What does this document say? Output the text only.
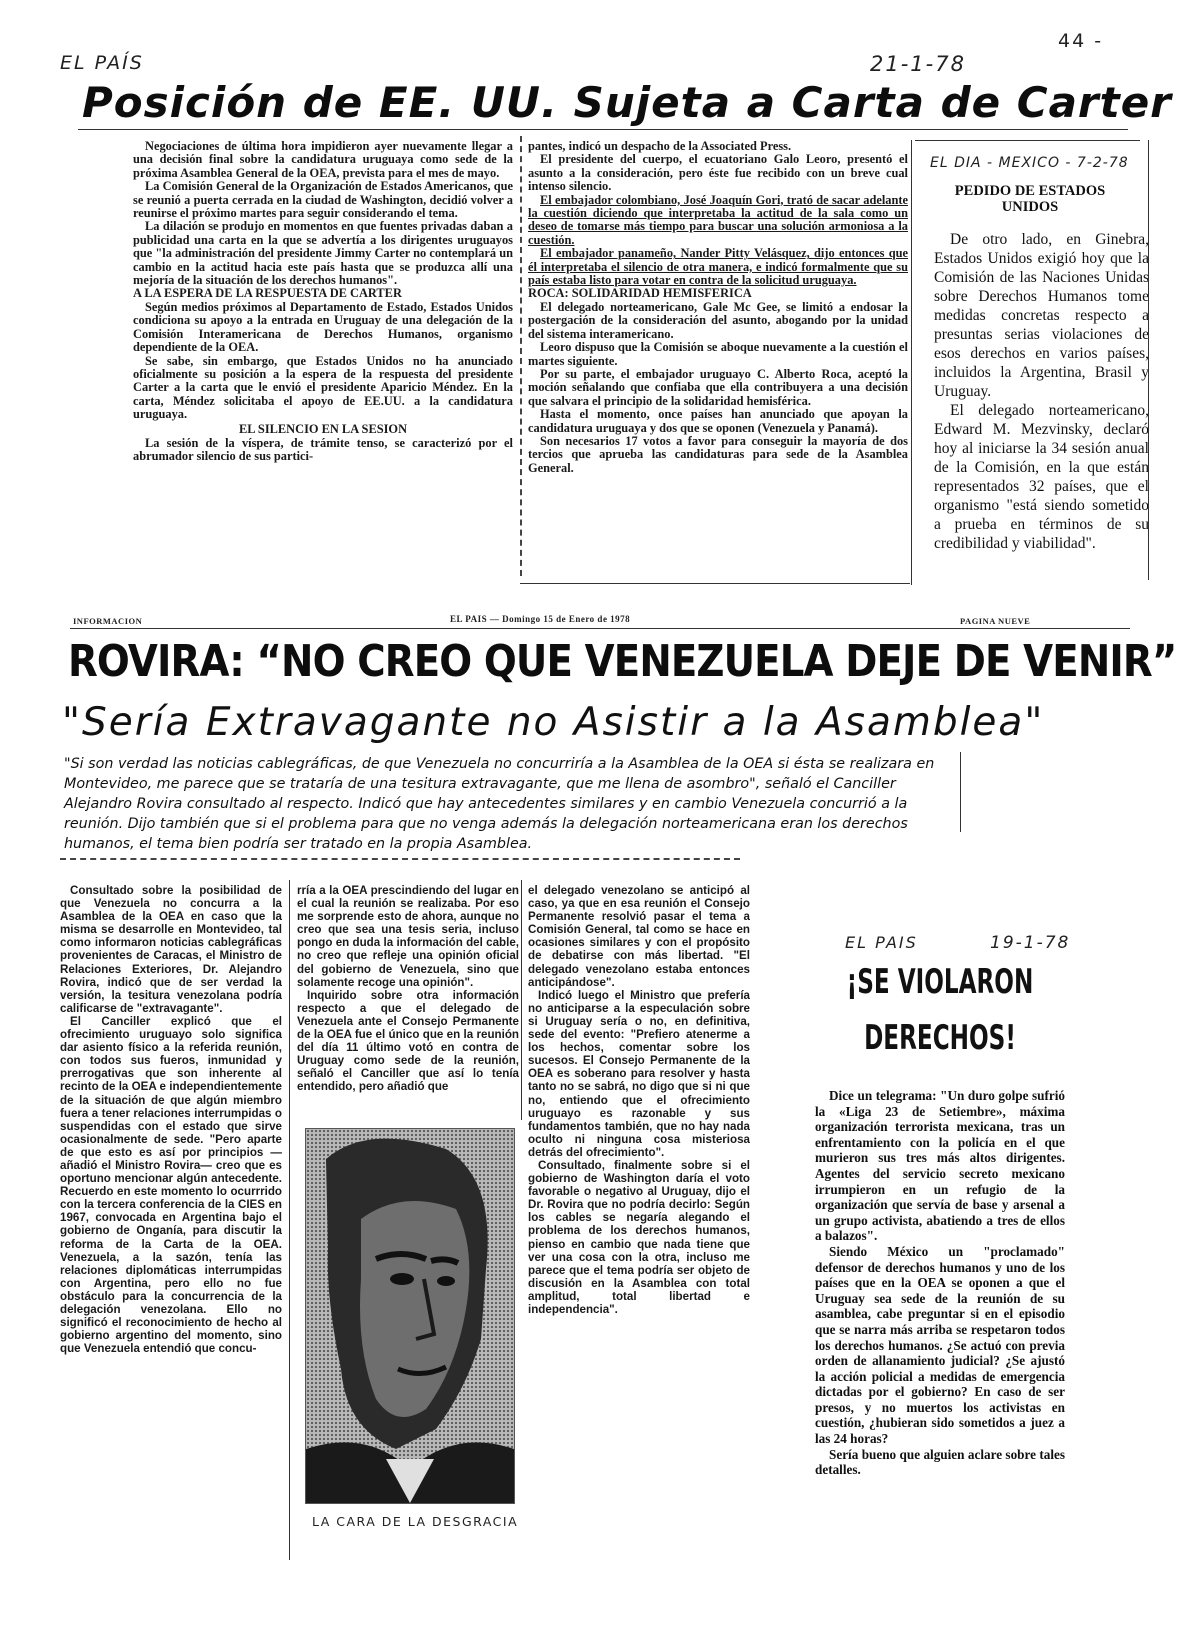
44 -
EL PAÍS	21-1-78
Posición de EE. UU. Sujeta a Carta de Carter

Negociaciones de última hora impidieron ayer nuevamente llegar a una decisión final sobre la candidatura uruguaya como sede de la próxima Asamblea General de la OEA, prevista para el mes de mayo.

La Comisión General de la Organización de Estados Americanos, que se reunió a puerta cerrada en la ciudad de Washington, decidió volver a reunirse el próximo martes para seguir considerando el tema.

La dilación se produjo en momentos en que fuentes privadas daban a publicidad una carta en la que se advertía a los dirigentes uruguayos que "la administración del presidente Jimmy Carter no contemplará un cambio en la actitud hacia este país hasta que se produzca allí una mejoría de la situación de los derechos humanos".

A LA ESPERA DE LA RESPUESTA DE CARTER

Según medios próximos al Departamento de Estado, Estados Unidos condiciona su apoyo a la entrada en Uruguay de una delegación de la Comisión Interamericana de Derechos Humanos, organismo dependiente de la OEA.

Se sabe, sin embargo, que Estados Unidos no ha anunciado oficialmente su posición a la espera de la respuesta del presidente Carter a la carta que le envió el presidente Aparicio Méndez. En la carta, Méndez solicitaba el apoyo de EE.UU. a la candidatura uruguaya.

EL SILENCIO EN LA SESION

La sesión de la víspera, de trámite tenso, se caracterizó por el abrumador silencio de sus partici-

pantes, indicó un despacho de la Associated Press.

El presidente del cuerpo, el ecuatoriano Galo Leoro, presentó el asunto a la consideración, pero éste fue recibido con un breve cual intenso silencio.

El embajador colombiano, José Joaquín Gori, trató de sacar adelante la cuestión diciendo que interpretaba la actitud de la sala como un deseo de tomarse más tiempo para buscar una solución armoniosa a la cuestión.

El embajador panameño, Nander Pitty Velásquez, dijo entonces que él interpretaba el silencio de otra manera, e indicó formalmente que su país estaba listo para votar en contra de la solicitud uruguaya.

ROCA: SOLIDARIDAD HEMISFERICA

El delegado norteamericano, Gale Mc Gee, se limitó a endosar la postergación de la consideración del asunto, abogando por la unidad del sistema interamericano.

Leoro dispuso que la Comisión se aboque nuevamente a la cuestión el martes siguiente.

Por su parte, el embajador uruguayo C. Alberto Roca, aceptó la moción señalando que confiaba que ella contribuyera a una decisión que salvara el principio de la solidaridad hemisférica.

Hasta el momento, once países han anunciado que apoyan la candidatura uruguaya y dos que se oponen (Venezuela y Panamá).

Son necesarios 17 votos a favor para conseguir la mayoría de dos tercios que aprueba las candidaturas para sede de la Asamblea General.

EL DIA - MEXICO - 7-2-78
PEDIDO DE ESTADOS UNIDOS

De otro lado, en Ginebra, Estados Unidos exigió hoy que la Comisión de las Naciones Unidas sobre Derechos Humanos tome medidas concretas respecto a presuntas serias violaciones de esos derechos en varios países, incluidos la Argentina, Brasil y Uruguay.

El delegado norteamericano, Edward M. Mezvinsky, declaró hoy al iniciarse la 34 sesión anual de la Comisión, en la que están representados 32 países, que el organismo "está siendo sometido a prueba en términos de su credibilidad y viabilidad".

INFORMACION	EL PAIS — Domingo 15 de Enero de 1978	PAGINA NUEVE
ROVIRA: “NO CREO QUE VENEZUELA DEJE DE VENIR”
"Sería Extravagante no Asistir a la Asamblea"
"Si son verdad las noticias cablegráficas, de que Venezuela no concurriría a la Asamblea de la OEA si ésta se realizara en Montevideo, me parece que se trataría de una tesitura extravagante, que me llena de asombro", señaló el Canciller Alejandro Rovira consultado al respecto. Indicó que hay antecedentes similares y en cambio Venezuela concurrió a la reunión. Dijo también que si el problema para que no venga además la delegación norteamericana eran los derechos humanos, el tema bien podría ser tratado en la propia Asamblea.

Consultado sobre la posibilidad de que Venezuela no concurra a la Asamblea de la OEA en caso que la misma se desarrolle en Montevideo, tal como informaron noticias cablegráficas provenientes de Caracas, el Ministro de Relaciones Exteriores, Dr. Alejandro Rovira, indicó que de ser verdad la versión, la tesitura venezolana podría calificarse de "extravagante".

El Canciller explicó que el ofrecimiento uruguayo solo significa dar asiento físico a la referida reunión, con todos sus fueros, inmunidad y prerrogativas que son inherente al recinto de la OEA e independientemente de la situación de que algún miembro fuera a tener relaciones interrumpidas o suspendidas con el estado que sirve ocasionalmente de sede. "Pero aparte de que esto es así por principios —añadió el Ministro Rovira— creo que es oportuno mencionar algún antecedente. Recuerdo en este momento lo ocurrrido con la tercera conferencia de la CIES en 1967, convocada en Argentina bajo el gobierno de Onganía, para discutir la reforma de la Carta de la OEA. Venezuela, a la sazón, tenía las relaciones diplomáticas interrumpidas con Argentina, pero ello no fue obstáculo para la concurrencia de la delegación venezolana. Ello no significó el reconocimiento de hecho al gobierno argentino del momento, sino que Venezuela entendió que concu-

rría a la OEA prescindiendo del lugar en el cual la reunión se realizaba. Por eso me sorprende esto de ahora, aunque no creo que sea una tesis seria, incluso pongo en duda la información del cable, no creo que refleje una opinión oficial del gobierno de Venezuela, sino que solamente recoge una opinión".

Inquirido sobre otra información respecto a que el delegado de Venezuela ante el Consejo Permanente de la OEA fue el único que en la reunión del día 11 último votó en contra de Uruguay como sede de la reunión, señaló el Canciller que así lo tenía entendido, pero añadió que

LA CARA DE LA DESGRACIA

el delegado venezolano se anticipó al caso, ya que en esa reunión el Consejo Permanente resolvió pasar el tema a Comisión General, tal como se hace en ocasiones similares y con el propósito de debatirse con más libertad. "El delegado venezolano estaba entonces anticipándose".

Indicó luego el Ministro que prefería no anticiparse a la especulación sobre si Uruguay sería o no, en definitiva, sede del evento: "Prefiero atenerme a los hechos, comentar sobre los sucesos. El Consejo Permanente de la OEA es soberano para resolver y hasta tanto no se sabrá, no digo que si ni que no, entiendo que el ofrecimiento uruguayo es razonable y sus fundamentos también, que no hay nada oculto ni ninguna cosa misteriosa detrás del ofrecimiento".

Consultado, finalmente sobre si el gobierno de Washington daría el voto favorable o negativo al Uruguay, dijo el Dr. Rovira que no podría decirlo: Según los cables se negaría alegando el problema de los derechos humanos, pienso en cambio que nada tiene que ver una cosa con la otra, incluso me parece que el tema podría ser objeto de discusión en la Asamblea con total amplitud, total libertad e independencia".

EL PAIS	19-1-78
¡SE VIOLARON
DERECHOS!

Dice un telegrama: "Un duro golpe sufrió la «Liga 23 de Setiembre», máxima organización terrorista mexicana, tras un enfrentamiento con la policía en el que murieron sus tres más altos dirigentes. Agentes del servicio secreto mexicano irrumpieron en un refugio de la organización que servía de base y arsenal a un grupo activista, abatiendo a tres de ellos a balazos".

Siendo México un "proclamado" defensor de derechos humanos y uno de los países que en la OEA se oponen a que el Uruguay sea sede de la reunión de su asamblea, cabe preguntar si en el episodio que se narra más arriba se respetaron todos los derechos humanos. ¿Se actuó con previa orden de allanamiento judicial? ¿Se ajustó la acción policial a medidas de emergencia dictadas por el gobierno? En caso de ser presos, y no muertos los activistas en cuestión, ¿hubieran sido sometidos a juez a las 24 horas?

Sería bueno que alguien aclare sobre tales detalles.
